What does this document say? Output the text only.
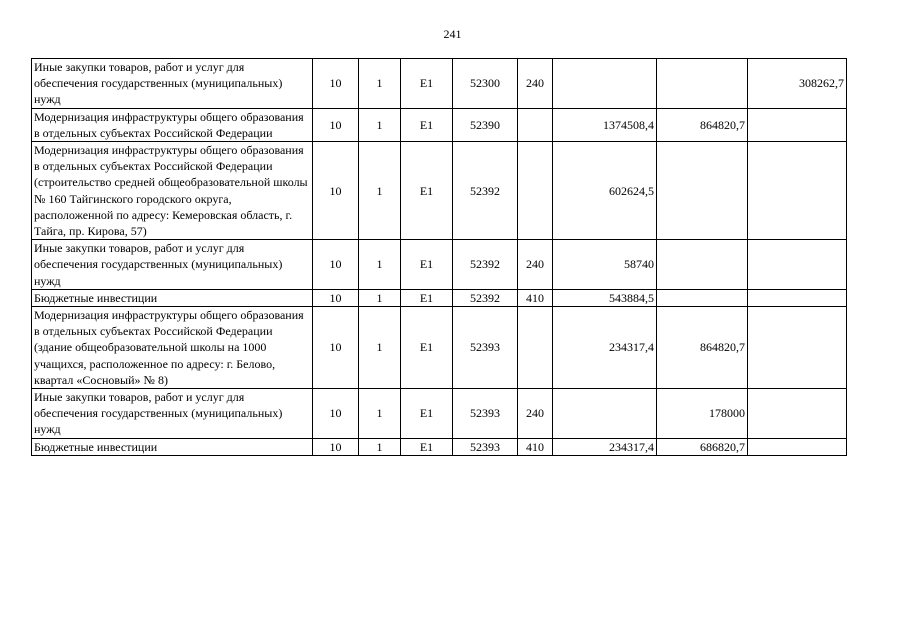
241
Иные закупки товаров, работ и услуг для обеспечения государственных (муниципальных) нужд	10	1	Е1	52300	240			308262,7
Модернизация инфраструктуры общего образования в отдельных субъектах Российской Федерации	10	1	Е1	52390		1374508,4	864820,7	
Модернизация инфраструктуры общего образования в отдельных субъектах Российской Федерации (строительство средней общеобразовательной школы № 160 Тайгинского городского округа, расположенной по адресу: Кемеровская область, г. Тайга, пр. Кирова, 57)	10	1	Е1	52392		602624,5		
Иные закупки товаров, работ и услуг для обеспечения государственных (муниципальных) нужд	10	1	Е1	52392	240	58740		
Бюджетные инвестиции	10	1	Е1	52392	410	543884,5		
Модернизация инфраструктуры общего образования в отдельных субъектах Российской Федерации (здание общеобразовательной школы на 1000 учащихся, расположенное по адресу: г. Белово, квартал «Сосновый» № 8)	10	1	Е1	52393		234317,4	864820,7	
Иные закупки товаров, работ и услуг для обеспечения государственных (муниципальных) нужд	10	1	Е1	52393	240		178000	
Бюджетные инвестиции	10	1	Е1	52393	410	234317,4	686820,7	
